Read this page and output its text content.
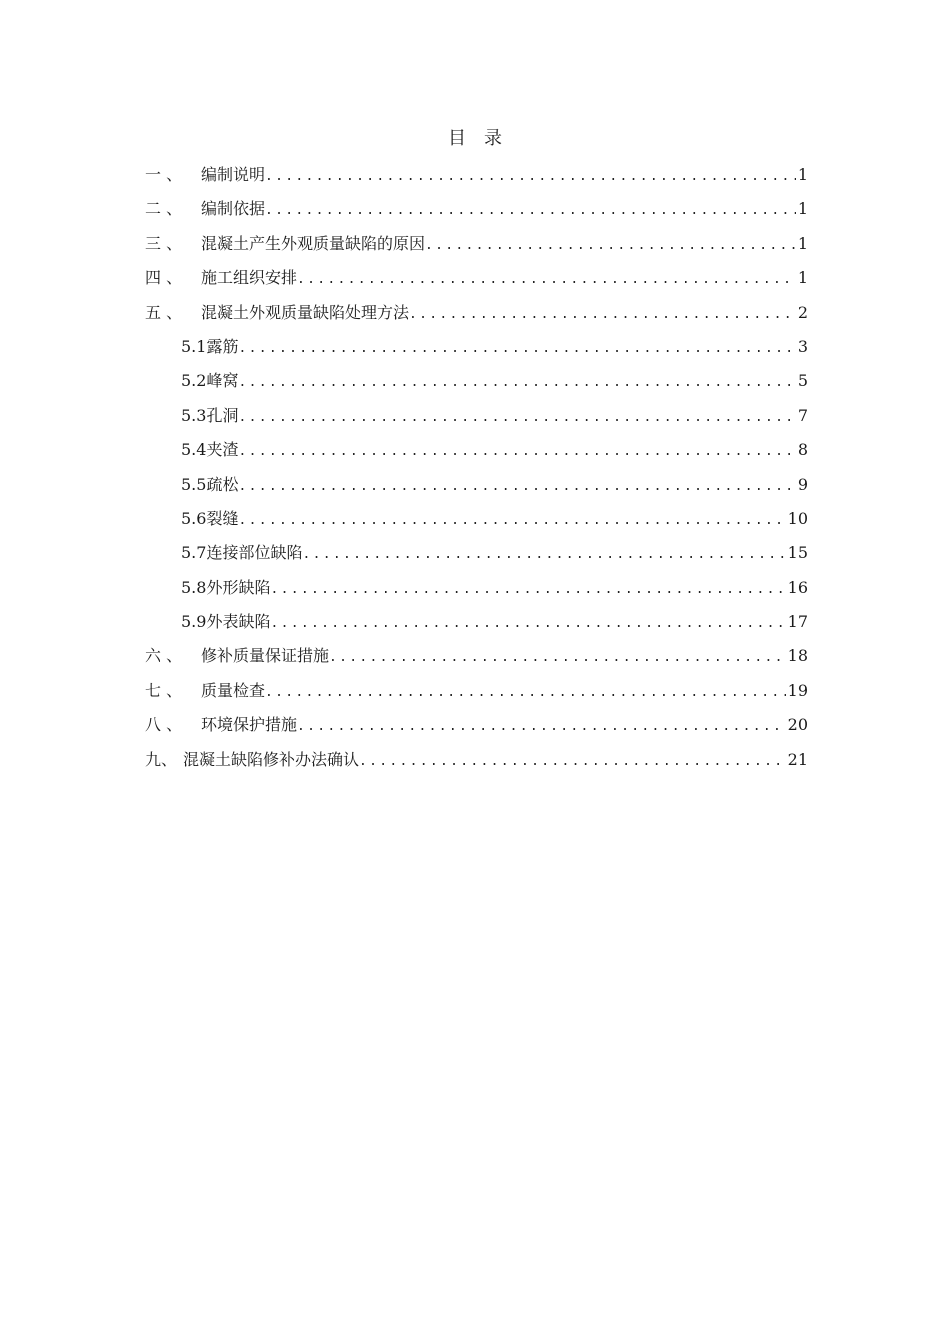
目　录
一 、 编制说明 .....	1
二 、 编制依据 .....	1
三 、 混凝土产生外观质量缺陷的原因 .....	1
四 、 施工组织安排 .....	1
五 、 混凝土外观质量缺陷处理方法 .....	2
5.1露筋 .....	3
5.2峰窝 .....	5
5.3孔洞 .....	7
5.4夹渣 .....	8
5.5疏松 .....	9
5.6裂缝 .....	10
5.7连接部位缺陷 .....	15
5.8外形缺陷 .....	16
5.9外表缺陷 .....	17
六 、 修补质量保证措施 .....	18
七 、 质量检查 .....	19
八 、 环境保护措施 .....	20
九、 混凝土缺陷修补办法确认 .....	21
